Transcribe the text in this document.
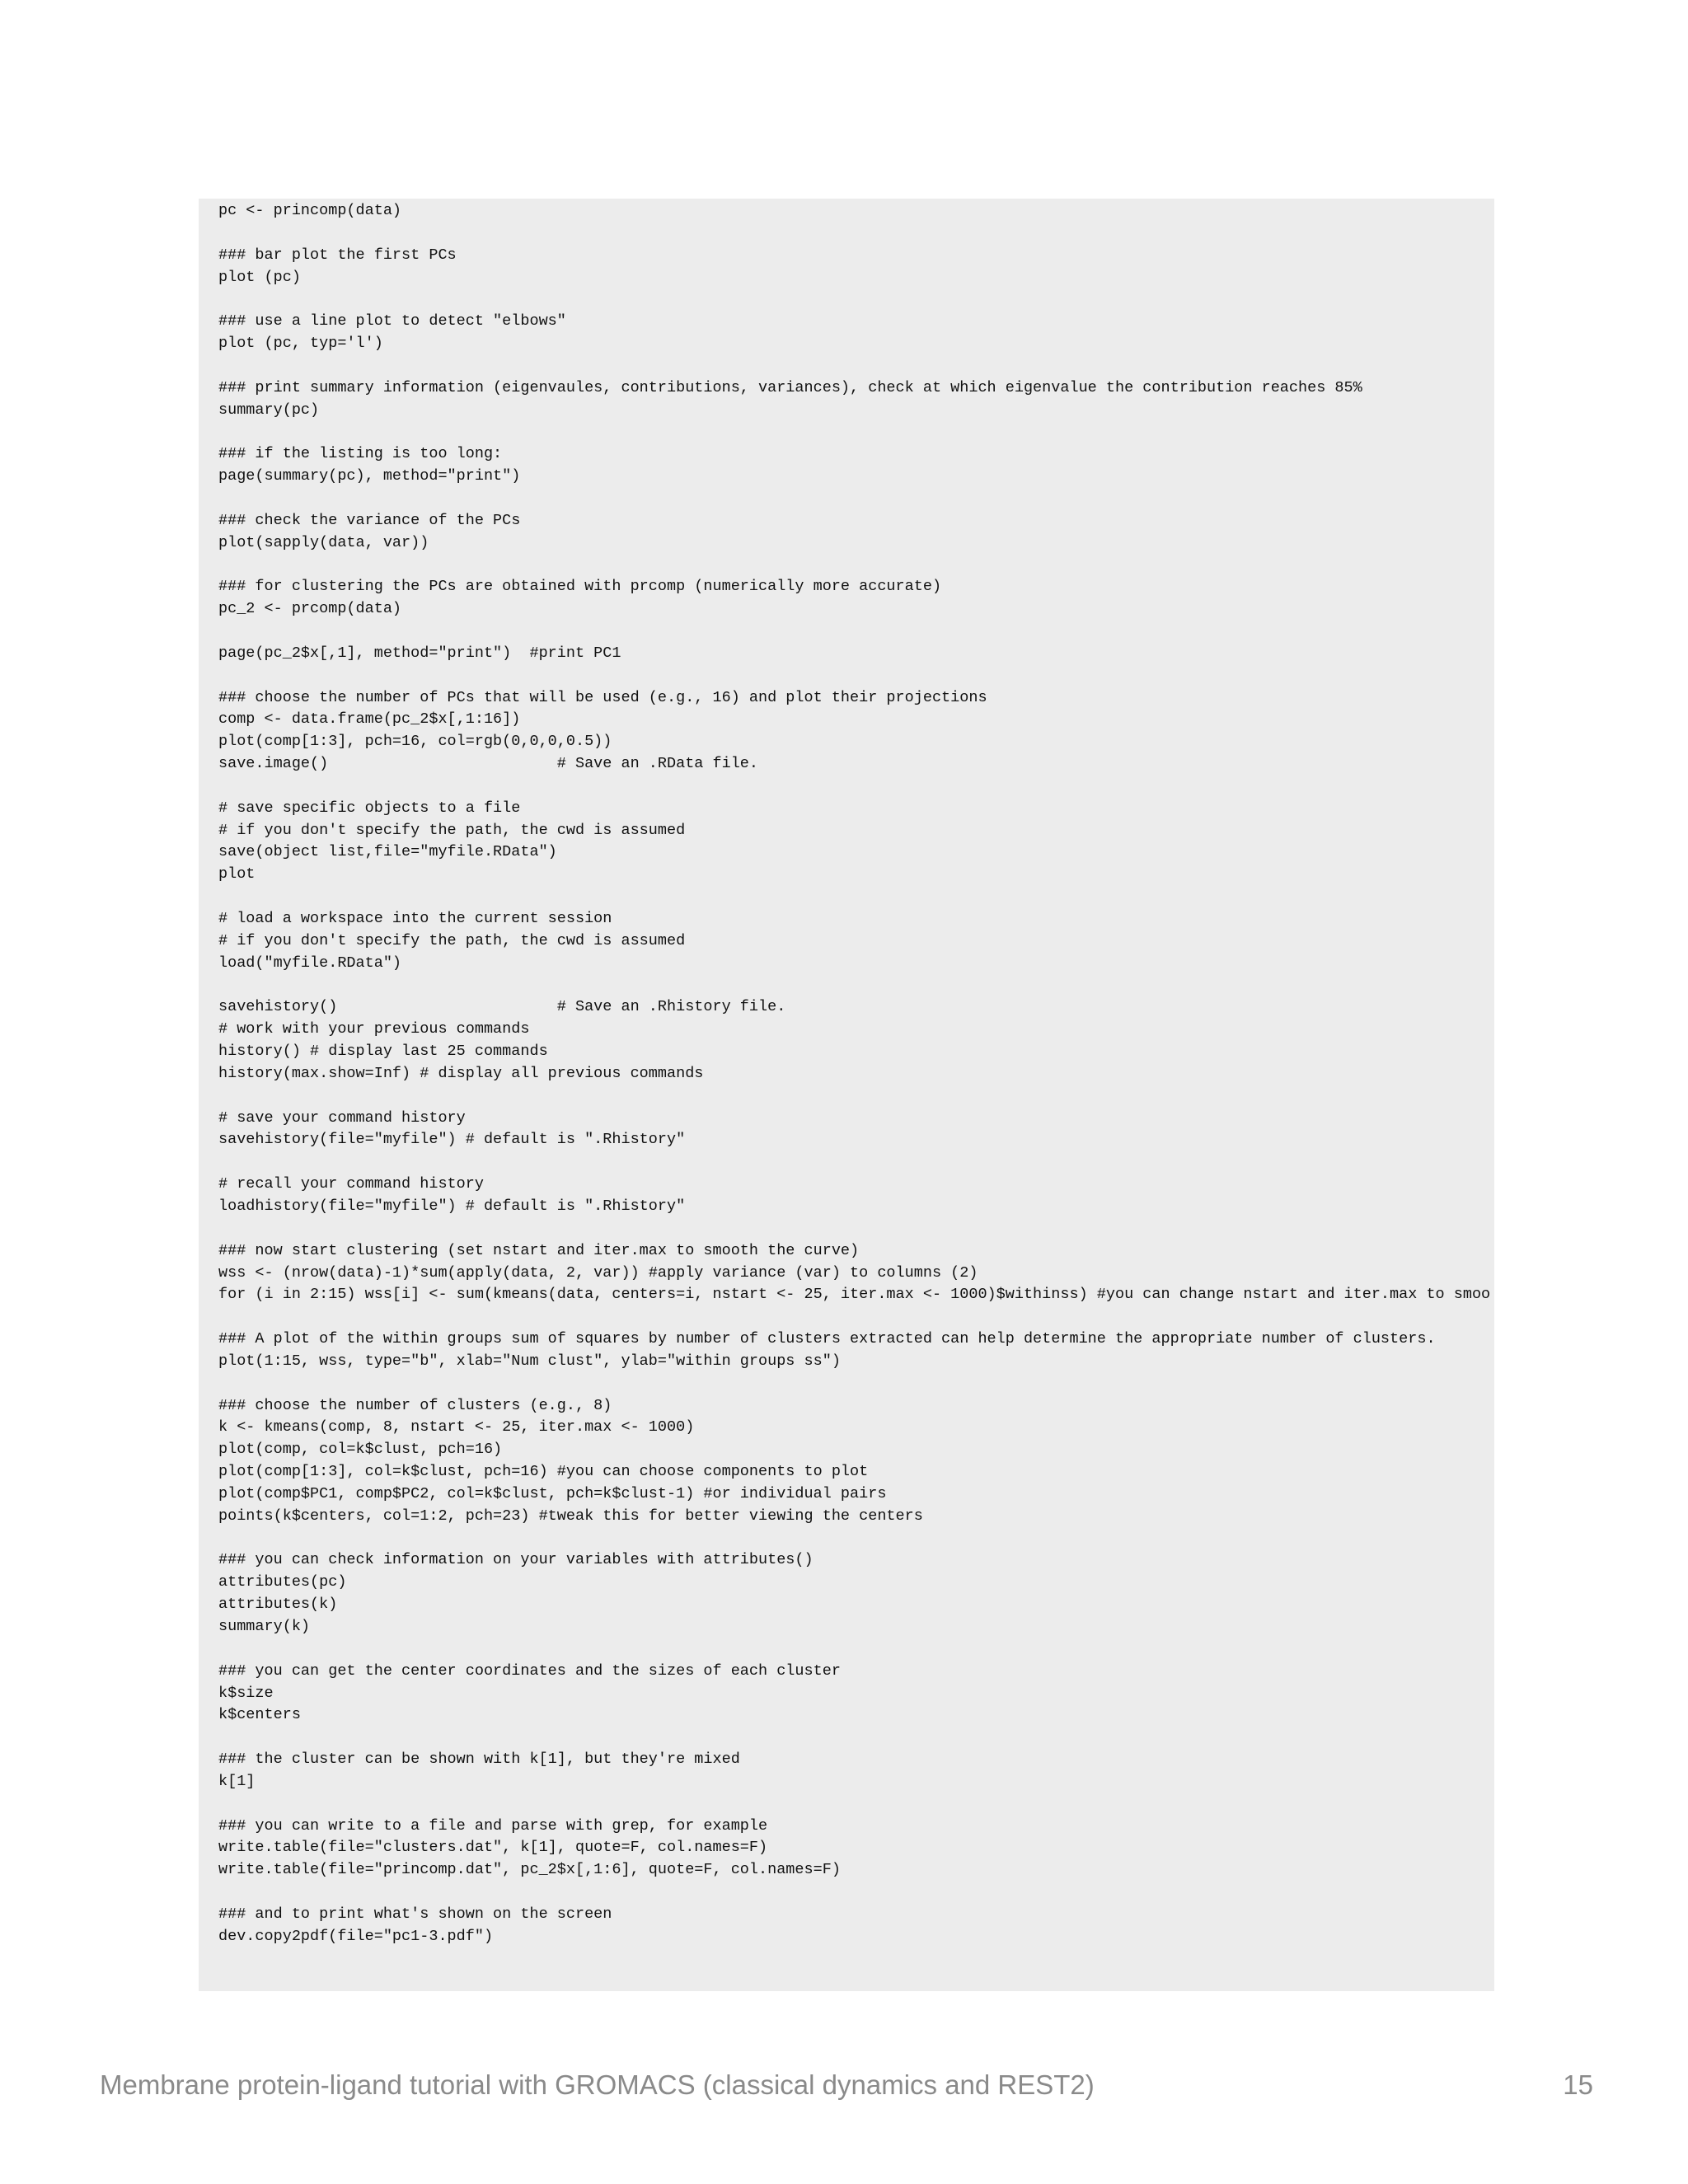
pc <- princomp(data)
### bar plot the first PCs
plot (pc)
### use a line plot to detect "elbows"
plot (pc, typ='l')
### print summary information (eigenvaules, contributions, variances), check at which eigenvalue the contribution reaches 85%
summary(pc)
### if the listing is too long:
page(summary(pc), method="print")
### check the variance of the PCs
plot(sapply(data, var))
### for clustering the PCs are obtained with prcomp (numerically more accurate)
pc_2 <- prcomp(data)
page(pc_2$x[,1], method="print")  #print PC1
### choose the number of PCs that will be used (e.g., 16) and plot their projections
comp <- data.frame(pc_2$x[,1:16])
plot(comp[1:3], pch=16, col=rgb(0,0,0,0.5))
save.image()                         # Save an .RData file.
# save specific objects to a file
# if you don't specify the path, the cwd is assumed
save(object list,file="myfile.RData")
plot
# load a workspace into the current session
# if you don't specify the path, the cwd is assumed
load("myfile.RData")
savehistory()                        # Save an .Rhistory file.
# work with your previous commands
history() # display last 25 commands
history(max.show=Inf) # display all previous commands
# save your command history
savehistory(file="myfile") # default is ".Rhistory"
# recall your command history
loadhistory(file="myfile") # default is ".Rhistory"
### now start clustering (set nstart and iter.max to smooth the curve)
wss <- (nrow(data)-1)*sum(apply(data, 2, var)) #apply variance (var) to columns (2)
for (i in 2:15) wss[i] <- sum(kmeans(data, centers=i, nstart <- 25, iter.max <- 1000)$withinss) #you can change nstart and iter.max to smoo
### A plot of the within groups sum of squares by number of clusters extracted can help determine the appropriate number of clusters.
plot(1:15, wss, type="b", xlab="Num clust", ylab="within groups ss")
### choose the number of clusters (e.g., 8)
k <- kmeans(comp, 8, nstart <- 25, iter.max <- 1000)
plot(comp, col=k$clust, pch=16)
plot(comp[1:3], col=k$clust, pch=16) #you can choose components to plot
plot(comp$PC1, comp$PC2, col=k$clust, pch=k$clust-1) #or individual pairs
points(k$centers, col=1:2, pch=23) #tweak this for better viewing the centers
### you can check information on your variables with attributes()
attributes(pc)
attributes(k)
summary(k)
### you can get the center coordinates and the sizes of each cluster
k$size
k$centers
### the cluster can be shown with k[1], but they're mixed
k[1]
### you can write to a file and parse with grep, for example
write.table(file="clusters.dat", k[1], quote=F, col.names=F)
write.table(file="princomp.dat", pc_2$x[,1:6], quote=F, col.names=F)
### and to print what's shown on the screen
dev.copy2pdf(file="pc1-3.pdf")
Membrane protein-ligand tutorial with GROMACS (classical dynamics and REST2)	15
